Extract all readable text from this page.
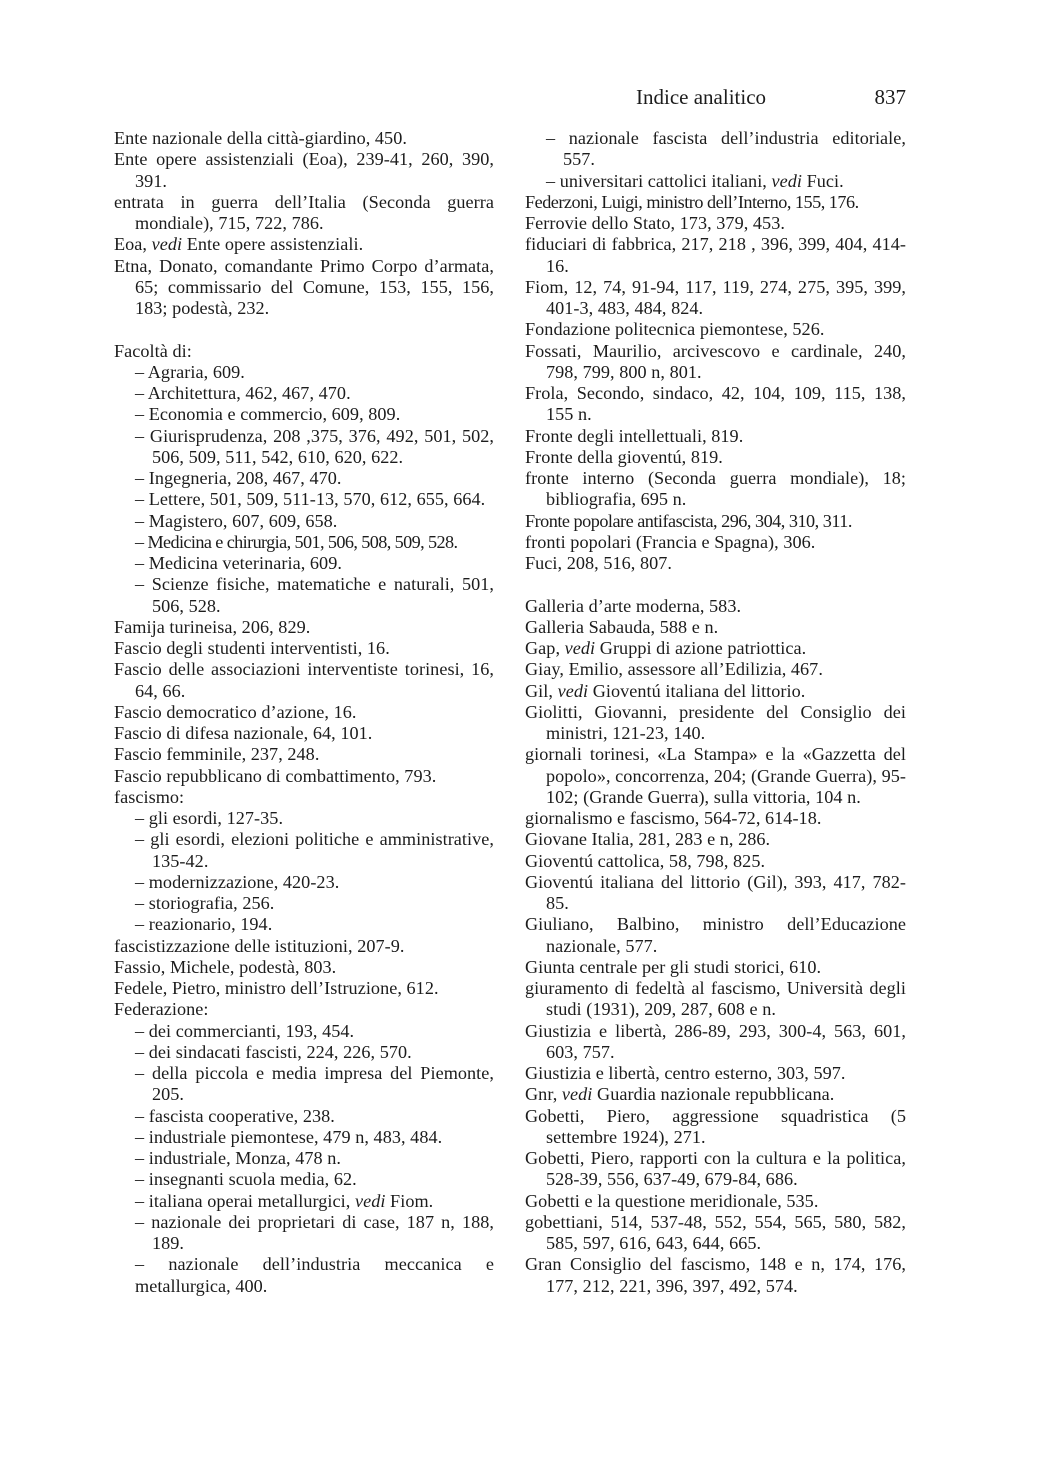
Indice analitico	837

Ente nazionale della città-giardino, 450.

Ente opere assistenziali (Eoa), 239-41, 260, 390, 391.

entrata in guerra dell’Italia (Seconda guerra mondiale), 715, 722, 786.

Eoa, vedi Ente opere assistenziali.

Etna, Donato, comandante Primo Corpo d’armata, 65; commissario del Comune, 153, 155, 156, 183; podestà, 232.

Facoltà di:

– Agraria, 609.

– Architettura, 462, 467, 470.

– Economia e commercio, 609, 809.

– Giurisprudenza, 208 ,375, 376, 492, 501, 502, 506, 509, 511, 542, 610, 620, 622.

– Ingegneria, 208, 467, 470.

– Lettere, 501, 509, 511-13, 570, 612, 655, 664.

– Magistero, 607, 609, 658.

– Medicina e chirurgia, 501, 506, 508, 509, 528.

– Medicina veterinaria, 609.

– Scienze fisiche, matematiche e naturali, 501, 506, 528.

Famija turineisa, 206, 829.

Fascio degli studenti interventisti, 16.

Fascio delle associazioni interventiste torinesi, 16, 64, 66.

Fascio democratico d’azione, 16.

Fascio di difesa nazionale, 64, 101.

Fascio femminile, 237, 248.

Fascio repubblicano di combattimento, 793.

fascismo:

– gli esordi, 127-35.

– gli esordi, elezioni politiche e amministrative, 135-42.

– modernizzazione, 420-23.

– storiografia, 256.

– reazionario, 194.

fascistizzazione delle istituzioni, 207-9.

Fassio, Michele, podestà, 803.

Fedele, Pietro, ministro dell’Istruzione, 612.

Federazione:

– dei commercianti, 193, 454.

– dei sindacati fascisti, 224, 226, 570.

– della piccola e media impresa del Piemonte, 205.

– fascista cooperative, 238.

– industriale piemontese, 479 n, 483, 484.

– industriale, Monza, 478 n.

– insegnanti scuola media, 62.

– italiana operai metallurgici, vedi Fiom.

– nazionale dei proprietari di case, 187 n, 188, 189.

– nazionale dell’industria meccanica e metallurgica, 400.

– nazionale fascista dell’industria editoriale, 557.

– universitari cattolici italiani, vedi Fuci.

Federzoni, Luigi, ministro dell’Interno, 155, 176.

Ferrovie dello Stato, 173, 379, 453.

fiduciari di fabbrica, 217, 218 , 396, 399, 404, 414-16.

Fiom, 12, 74, 91-94, 117, 119, 274, 275, 395, 399, 401-3, 483, 484, 824.

Fondazione politecnica piemontese, 526.

Fossati, Maurilio, arcivescovo e cardinale, 240, 798, 799, 800 n, 801.

Frola, Secondo, sindaco, 42, 104, 109, 115, 138, 155 n.

Fronte degli intellettuali, 819.

Fronte della gioventú, 819.

fronte interno (Seconda guerra mondiale), 18; bibliografia, 695 n.

Fronte popolare antifascista, 296, 304, 310, 311.

fronti popolari (Francia e Spagna), 306.

Fuci, 208, 516, 807.

Galleria d’arte moderna, 583.

Galleria Sabauda, 588 e n.

Gap, vedi Gruppi di azione patriottica.

Giay, Emilio, assessore all’Edilizia, 467.

Gil, vedi Gioventú italiana del littorio.

Giolitti, Giovanni, presidente del Consiglio dei ministri, 121-23, 140.

giornali torinesi, «La Stampa» e la «Gazzetta del popolo», concorrenza, 204; (Grande Guerra), 95-102; (Grande Guerra), sulla vittoria, 104 n.

giornalismo e fascismo, 564-72, 614-18.

Giovane Italia, 281, 283 e n, 286.

Gioventú cattolica, 58, 798, 825.

Gioventú italiana del littorio (Gil), 393, 417, 782-85.

Giuliano, Balbino, ministro dell’Educazione nazionale, 577.

Giunta centrale per gli studi storici, 610.

giuramento di fedeltà al fascismo, Università degli studi (1931), 209, 287, 608 e n.

Giustizia e libertà, 286-89, 293, 300-4, 563, 601, 603, 757.

Giustizia e libertà, centro esterno, 303, 597.

Gnr, vedi Guardia nazionale repubblicana.

Gobetti, Piero, aggressione squadristica (5 settembre 1924), 271.

Gobetti, Piero, rapporti con la cultura e la politica, 528-39, 556, 637-49, 679-84, 686.

Gobetti e la questione meridionale, 535.

gobettiani, 514, 537-48, 552, 554, 565, 580, 582, 585, 597, 616, 643, 644, 665.

Gran Consiglio del fascismo, 148 e n, 174, 176, 177, 212, 221, 396, 397, 492, 574.
